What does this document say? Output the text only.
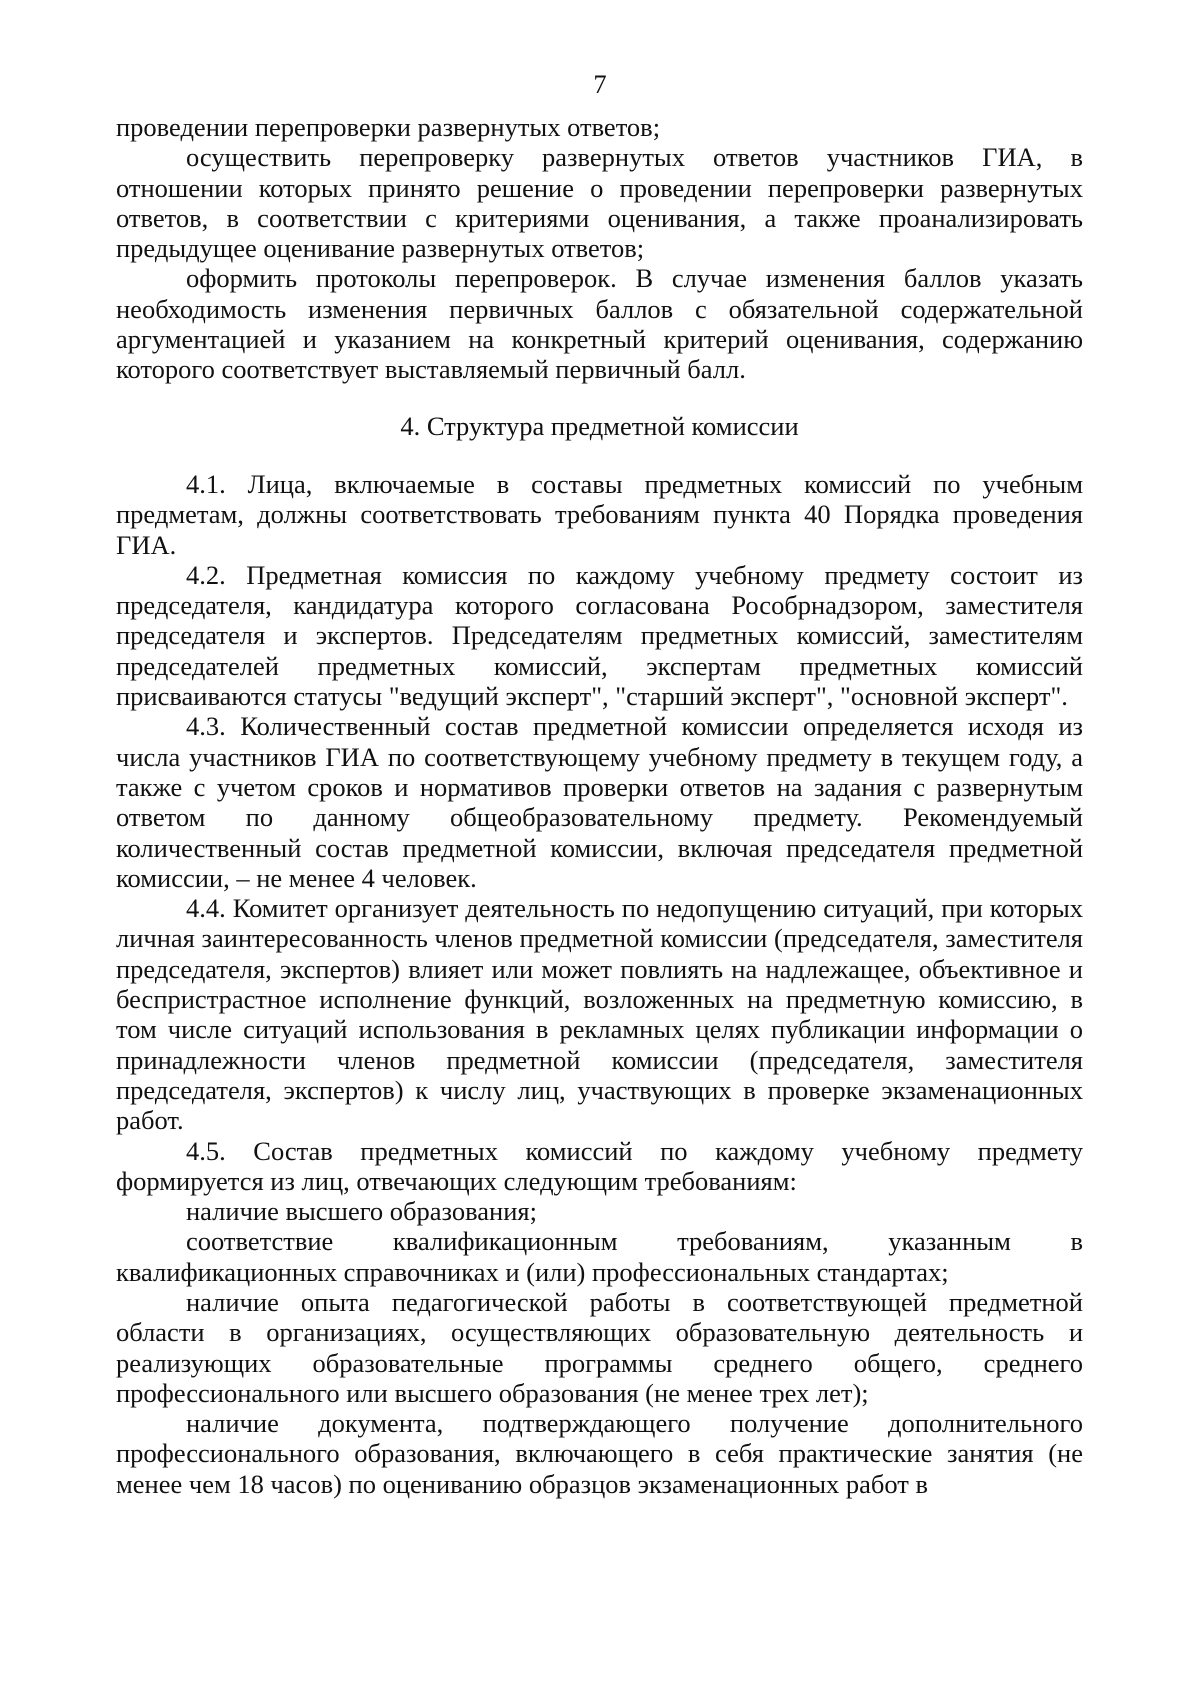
7

проведении перепроверки развернутых ответов;

осуществить перепроверку развернутых ответов участников ГИА, в отношении которых принято решение о проведении перепроверки развернутых ответов, в соответствии с критериями оценивания, а также проанализировать предыдущее оценивание развернутых ответов;

оформить протоколы перепроверок. В случае изменения баллов указать необходимость изменения первичных баллов с обязательной содержательной аргументацией и указанием на конкретный критерий оценивания, содержанию которого соответствует выставляемый первичный балл.

4. Структура предметной комиссии

4.1. Лица, включаемые в составы предметных комиссий по учебным предметам, должны соответствовать требованиям пункта 40 Порядка проведения ГИА.

4.2. Предметная комиссия по каждому учебному предмету состоит из председателя, кандидатура которого согласована Рособрнадзором, заместителя председателя и экспертов. Председателям предметных комиссий, заместителям председателей предметных комиссий, экспертам предметных комиссий присваиваются статусы "ведущий эксперт", "старший эксперт", "основной эксперт".

4.3. Количественный состав предметной комиссии определяется исходя из числа участников ГИА по соответствующему учебному предмету в текущем году, а также с учетом сроков и нормативов проверки ответов на задания с развернутым ответом по данному общеобразовательному предмету. Рекомендуемый количественный состав предметной комиссии, включая председателя предметной комиссии, – не менее 4 человек.

4.4. Комитет организует деятельность по недопущению ситуаций, при которых личная заинтересованность членов предметной комиссии (председателя, заместителя председателя, экспертов) влияет или может повлиять на надлежащее, объективное и беспристрастное исполнение функций, возложенных на предметную комиссию, в том числе ситуаций использования в рекламных целях публикации информации о принадлежности членов предметной комиссии (председателя, заместителя председателя, экспертов) к числу лиц, участвующих в проверке экзаменационных работ.

4.5. Состав предметных комиссий по каждому учебному предмету формируется из лиц, отвечающих следующим требованиям:

наличие высшего образования;

соответствие квалификационным требованиям, указанным в квалификационных справочниках и (или) профессиональных стандартах;

наличие опыта педагогической работы в соответствующей предметной области в организациях, осуществляющих образовательную деятельность и реализующих образовательные программы среднего общего, среднего профессионального или высшего образования (не менее трех лет);

наличие документа, подтверждающего получение дополнительного профессионального образования, включающего в себя практические занятия (не менее чем 18 часов) по оцениванию образцов экзаменационных работ в
